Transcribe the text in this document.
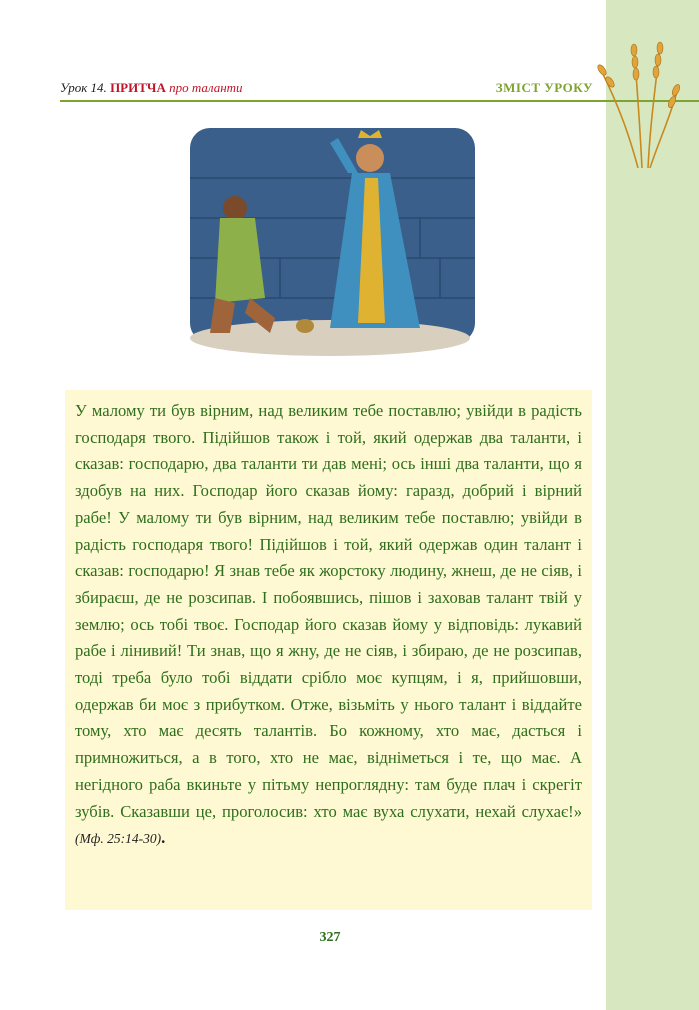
Урок 14. ПРИТЧА про таланти	ЗМІСТ УРОКУ

У малому ти був вірним, над великим тебе поставлю; увійди в радість господаря твого. Підійшов також і той, який одержав два таланти, і сказав: господарю, два таланти ти дав мені; ось інші два таланти, що я здобув на них. Господар його сказав йому: гаразд, добрий і вірний рабе! У малому ти був вірним, над великим тебе поставлю; увійди в радість господаря твого! Підійшов і той, який одержав один талант і сказав: господарю! Я знав тебе як жорстоку людину, жнеш, де не сіяв, і збираєш, де не розсипав. І побоявшись, пішов і заховав талант твій у землю; ось тобі твоє. Господар його сказав йому у відповідь: лукавий рабе і лінивий! Ти знав, що я жну, де не сіяв, і збираю, де не розсипав, тоді треба було тобі віддати срібло моє купцям, і я, прийшовши, одержав би моє з прибутком. Отже, візьміть у нього талант і віддайте тому, хто має десять талантів. Бо кожному, хто має, дасться і примножиться, а в того, хто не має, відніметься і те, що має. А негідного раба вкиньте у пітьму непроглядну: там буде плач і скрегіт зубів. Сказавши це, проголосив: хто має вуха слухати, нехай слухає!» (Мф. 25:14-30).

327
